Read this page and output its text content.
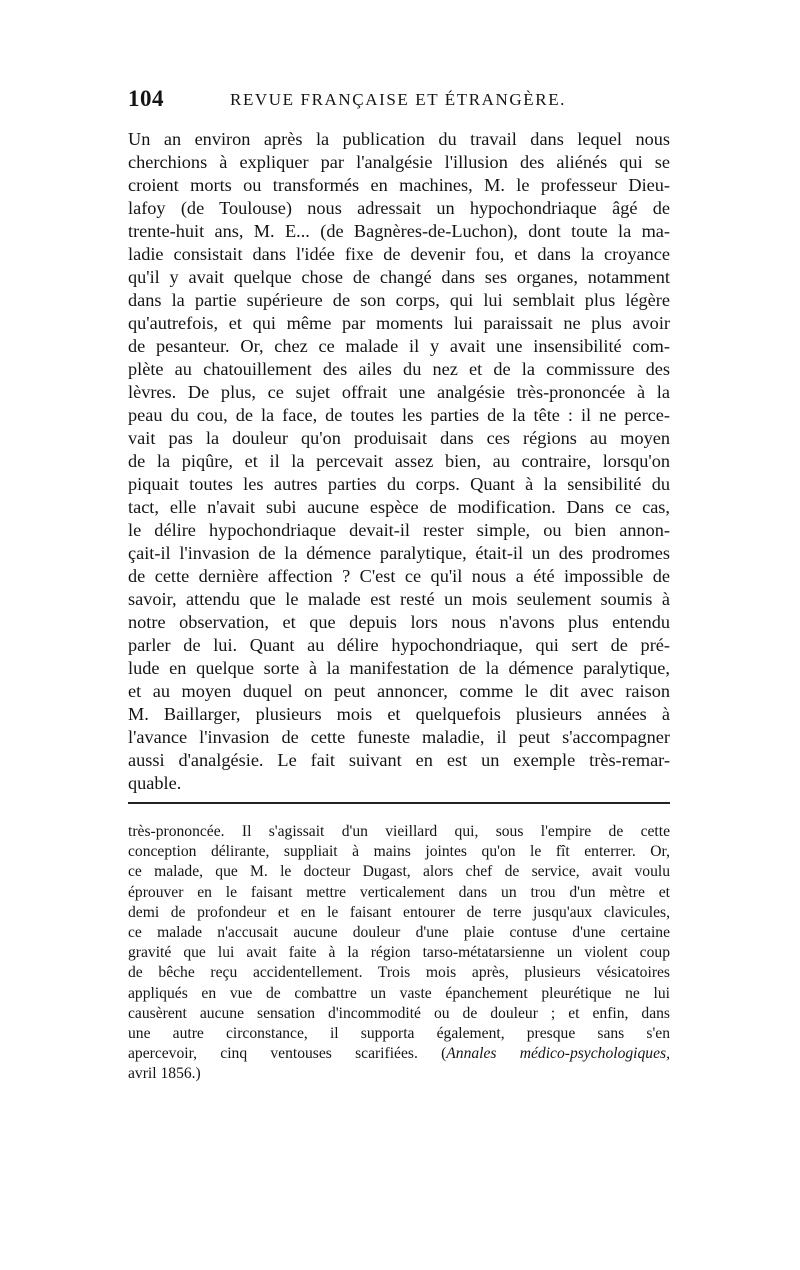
104	REVUE FRANÇAISE ET ÉTRANGÈRE.
Un an environ après la publication du travail dans lequel nous
cherchions à expliquer par l'analgésie l'illusion des aliénés qui se
croient morts ou transformés en machines, M. le professeur Dieu-
lafoy (de Toulouse) nous adressait un hypochondriaque âgé de
trente-huit ans, M. E... (de Bagnères-de-Luchon), dont toute la ma-
ladie consistait dans l'idée fixe de devenir fou, et dans la croyance
qu'il y avait quelque chose de changé dans ses organes, notamment
dans la partie supérieure de son corps, qui lui semblait plus légère
qu'autrefois, et qui même par moments lui paraissait ne plus avoir
de pesanteur. Or, chez ce malade il y avait une insensibilité com-
plète au chatouillement des ailes du nez et de la commissure des
lèvres. De plus, ce sujet offrait une analgésie très-prononcée à la
peau du cou, de la face, de toutes les parties de la tête : il ne perce-
vait pas la douleur qu'on produisait dans ces régions au moyen
de la piqûre, et il la percevait assez bien, au contraire, lorsqu'on
piquait toutes les autres parties du corps. Quant à la sensibilité du
tact, elle n'avait subi aucune espèce de modification. Dans ce cas,
le délire hypochondriaque devait-il rester simple, ou bien annon-
çait-il l'invasion de la démence paralytique, était-il un des prodromes
de cette dernière affection ? C'est ce qu'il nous a été impossible de
savoir, attendu que le malade est resté un mois seulement soumis à
notre observation, et que depuis lors nous n'avons plus entendu
parler de lui. Quant au délire hypochondriaque, qui sert de pré-
lude en quelque sorte à la manifestation de la démence paralytique,
et au moyen duquel on peut annoncer, comme le dit avec raison
M. Baillarger, plusieurs mois et quelquefois plusieurs années à
l'avance l'invasion de cette funeste maladie, il peut s'accompagner
aussi d'analgésie. Le fait suivant en est un exemple très-remar-
quable.
très-prononcée. Il s'agissait d'un vieillard qui, sous l'empire de cette
conception délirante, suppliait à mains jointes qu'on le fît enterrer. Or,
ce malade, que M. le docteur Dugast, alors chef de service, avait voulu
éprouver en le faisant mettre verticalement dans un trou d'un mètre et
demi de profondeur et en le faisant entourer de terre jusqu'aux clavicules,
ce malade n'accusait aucune douleur d'une plaie contuse d'une certaine
gravité que lui avait faite à la région tarso-métatarsienne un violent coup
de bêche reçu accidentellement. Trois mois après, plusieurs vésicatoires
appliqués en vue de combattre un vaste épanchement pleurétique ne lui
causèrent aucune sensation d'incommodité ou de douleur ; et enfin, dans
une autre circonstance, il supporta également, presque sans s'en
apercevoir, cinq ventouses scarifiées. (Annales médico-psychologiques,
avril 1856.)
